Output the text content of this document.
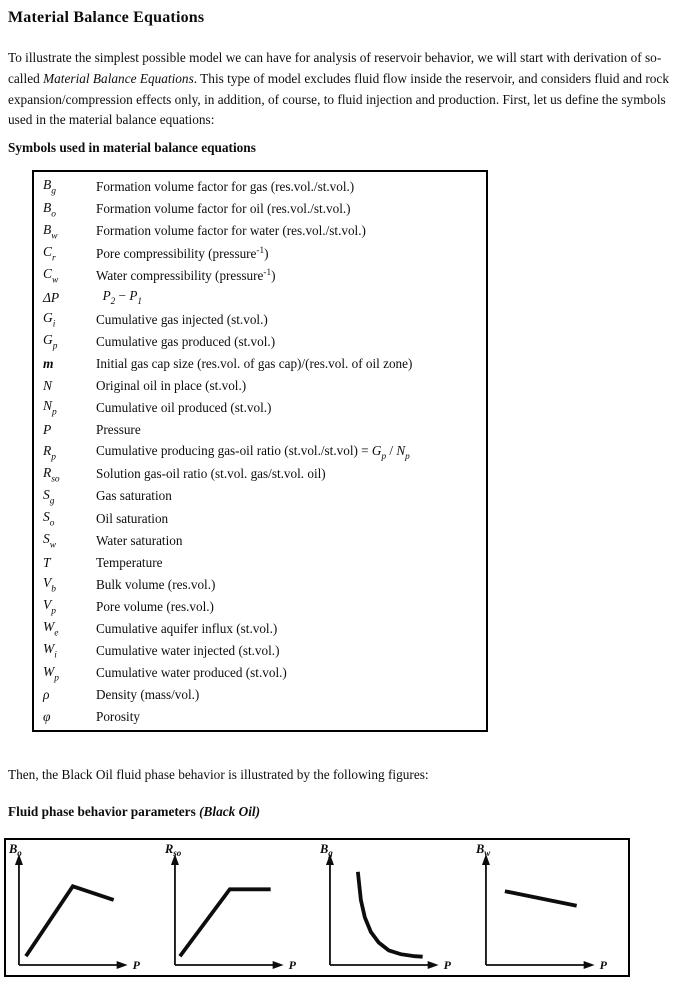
Material Balance Equations

To illustrate the simplest possible model we can have for analysis of reservoir behavior, we will start with derivation of so-called Material Balance Equations. This type of model excludes fluid flow inside the reservoir, and considers fluid and rock expansion/compression effects only, in addition, of course, to fluid injection and production. First, let us define the symbols used in the material balance equations:

Symbols used in material balance equations
$B_g$	Formation volume factor for gas (res.vol./st.vol.)
$B_o$	Formation volume factor for oil (res.vol./st.vol.)
$B_w$	Formation volume factor for water (res.vol./st.vol.)
$C_r$	Pore compressibility (pressure$^{-1}$)
$C_w$	Water compressibility (pressure$^{-1}$)
ΔP	$P_2 - P_1$
$G_i$	Cumulative gas injected (st.vol.)
$G_p$	Cumulative gas produced (st.vol.)
m	Initial gas cap size (res.vol. of gas cap)/(res.vol. of oil zone)
N	Original oil in place (st.vol.)
$N_p$	Cumulative oil produced (st.vol.)
P	Pressure
$R_p$	Cumulative producing gas-oil ratio $(st.vol./st.vol) = G_p / N_p$
$R_{so}$	Solution gas-oil ratio (st.vol. gas/st.vol. oil)
$S_g$	Gas saturation
$S_o$	Oil saturation
$S_w$	Water saturation
T	Temperature
$V_b$	Bulk volume (res.vol.)
$V_p$	Pore volume (res.vol.)
$W_e$	Cumulative aquifer influx (st.vol.)
$W_i$	Cumulative water injected (st.vol.)
$W_p$	Cumulative water produced (st.vol.)
ρ	Density (mass/vol.)
φ	Porosity

Then, the Black Oil fluid phase behavior is illustrated by the following figures:

Fluid phase behavior parameters (Black Oil)
$B_o$
P
$R_{so}$
P
$B_g$
P
$B_w$
P
